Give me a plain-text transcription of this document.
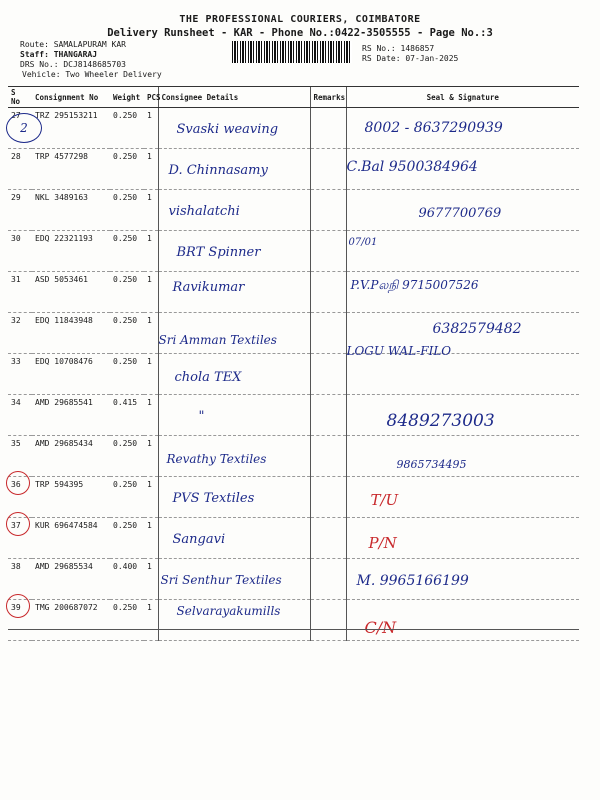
THE PROFESSIONAL COURIERS, COIMBATORE
Delivery Runsheet - KAR - Phone No.:0422-3505555 - Page No.:3
Route: SAMALAPURAM KAR
Staff: THANGARAJ
DRS No.: DCJ8148685703
Vehicle: Two Wheeler Delivery
RS No.: 1486857
RS Date: 07-Jan-2025
S No	Consignment No	Weight	PCS	Consignee Details	Remarks	Seal & Signature
27	TRZ 295153211	0.250	1	Svaski weaving		8002 - 8637290939

28	TRP 4577298	0.250	1	D. Chinnasamy		C.Bal 9500384964

29	NKL 3489163	0.250	1	vishalatchi		9677700769

30	EDQ 22321193	0.250	1	BRT Spinner		07/01

31	ASD 5053461	0.250	1	Ravikumar		P.V.Pலநி 9715007526

32	EDQ 11843948	0.250	1	Sri Amman Textiles		6382579482

33	EDQ 10708476	0.250	1	chola TEX	2	LOGU WAL-FILO

34	AMD 29685541	0.415	1	"		8489273003

35	AMD 29685434	0.250	1	Revathy Textiles		9865734495

36	TRP 594395	0.250	1	PVS Textiles		T/U

37	KUR 696474584	0.250	1	Sangavi		P/N

38	AMD 29685534	0.400	1	Sri Senthur Textiles		M. 9965166199

39	TMG 200687072	0.250	1	Selvarayakumills		C/N
